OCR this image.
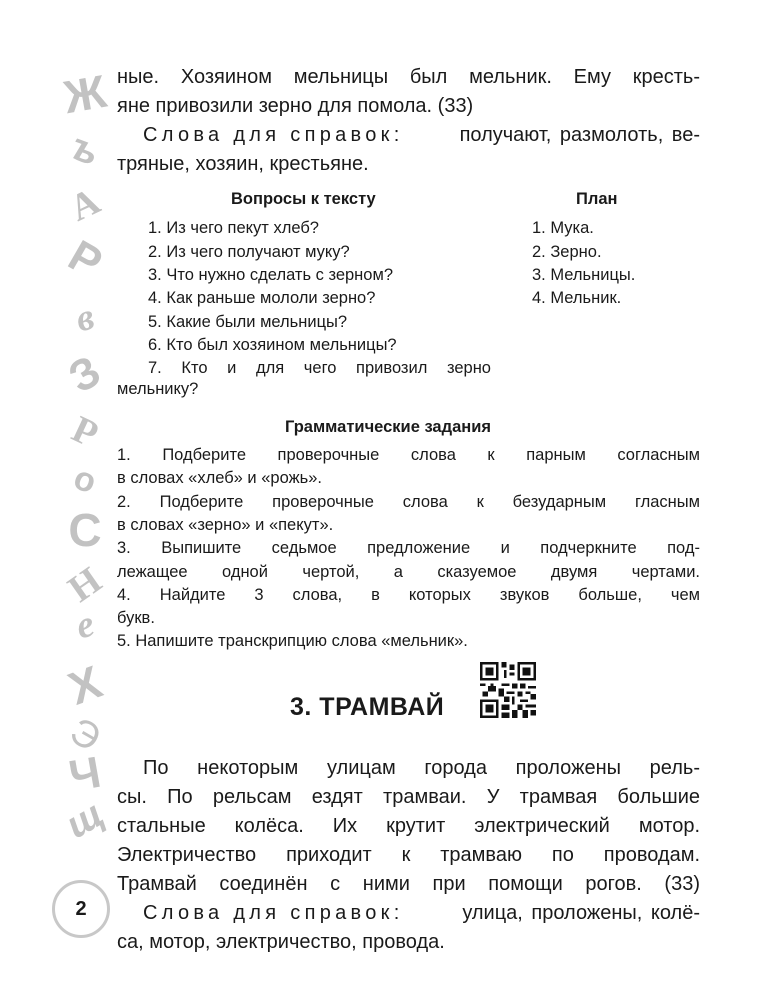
Ж
ъ
А
Р
в
З
Р
о
С
Н
е
Х
Э
Ч
щ
ные. Хозяином мельницы был мельник. Ему кресть-
яне привозили зерно для помола. (33)
Слова для справок:	получают, размолоть, ве-
тряные, хозяин, крестьяне.
Вопросы к тексту
1. Из чего пекут хлеб?
2. Из чего получают муку?
3. Что нужно сделать с зерном?
4. Как раньше мололи зерно?
5. Какие были мельницы?
6. Кто был хозяином мельницы?
7. Кто и для чего привозил зерно
мельнику?
План
1. Мука.
2. Зерно.
3. Мельницы.
4. Мельник.
Грамматические задания
1. Подберите проверочные слова к парным согласным
в словах «хлеб» и «рожь».
2. Подберите проверочные слова к безударным гласным
в словах «зерно» и «пекут».
3. Выпишите седьмое предложение и подчеркните под-
лежащее одной чертой, а сказуемое двумя чертами.
4. Найдите 3 слова, в которых звуков больше, чем
букв.
5. Напишите транскрипцию слова «мельник».
3. ТРАМВАЙ
По некоторым улицам города проложены рель-
сы. По рельсам ездят трамваи. У трамвая большие
стальные колёса. Их крутит электрический мотор.
Электричество приходит к трамваю по проводам.
Трамвай соединён с ними при помощи рогов. (33)
Слова для справок:	улица, проложены, колё-
са, мотор, электричество, провода.
2
